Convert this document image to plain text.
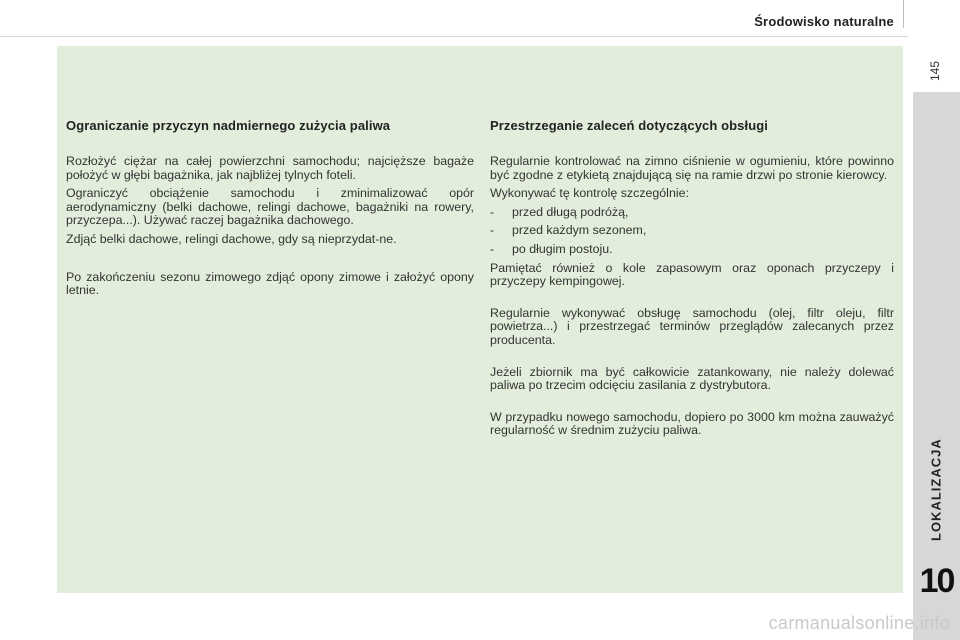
Środowisko naturalne
145
LOKALIZACJA
10
Ograniczanie przyczyn nadmiernego zużycia paliwa

Rozłożyć ciężar na całej powierzchni samochodu; najcięższe bagaże położyć w głębi bagażnika, jak najbliżej tylnych foteli.

Ograniczyć obciążenie samochodu i zminimalizować opór aerodynamiczny (belki dachowe, relingi dachowe, bagażniki na rowery, przyczepa...). Używać raczej bagażnika dachowego.

Zdjąć belki dachowe, relingi dachowe, gdy są nieprzydat-ne.

Po zakończeniu sezonu zimowego zdjąć opony zimowe i założyć opony letnie.

Przestrzeganie zaleceń dotyczących obsługi

Regularnie kontrolować na zimno ciśnienie w ogumieniu, które powinno być zgodne z etykietą znajdującą się na ramie drzwi po stronie kierowcy.

Wykonywać tę kontrolę szczególnie:

- przed długą podróżą,
- przed każdym sezonem,
- po długim postoju.

Pamiętać również o kole zapasowym oraz oponach przyczepy i przyczepy kempingowej.

Regularnie wykonywać obsługę samochodu (olej, filtr oleju, filtr powietrza...) i przestrzegać terminów przeglądów zalecanych przez producenta.

Jeżeli zbiornik ma być całkowicie zatankowany, nie należy dolewać paliwa po trzecim odcięciu zasilania z dystrybutora.

W przypadku nowego samochodu, dopiero po 3000 km można zauważyć regularność w średnim zużyciu paliwa.

carmanualsonline.info
